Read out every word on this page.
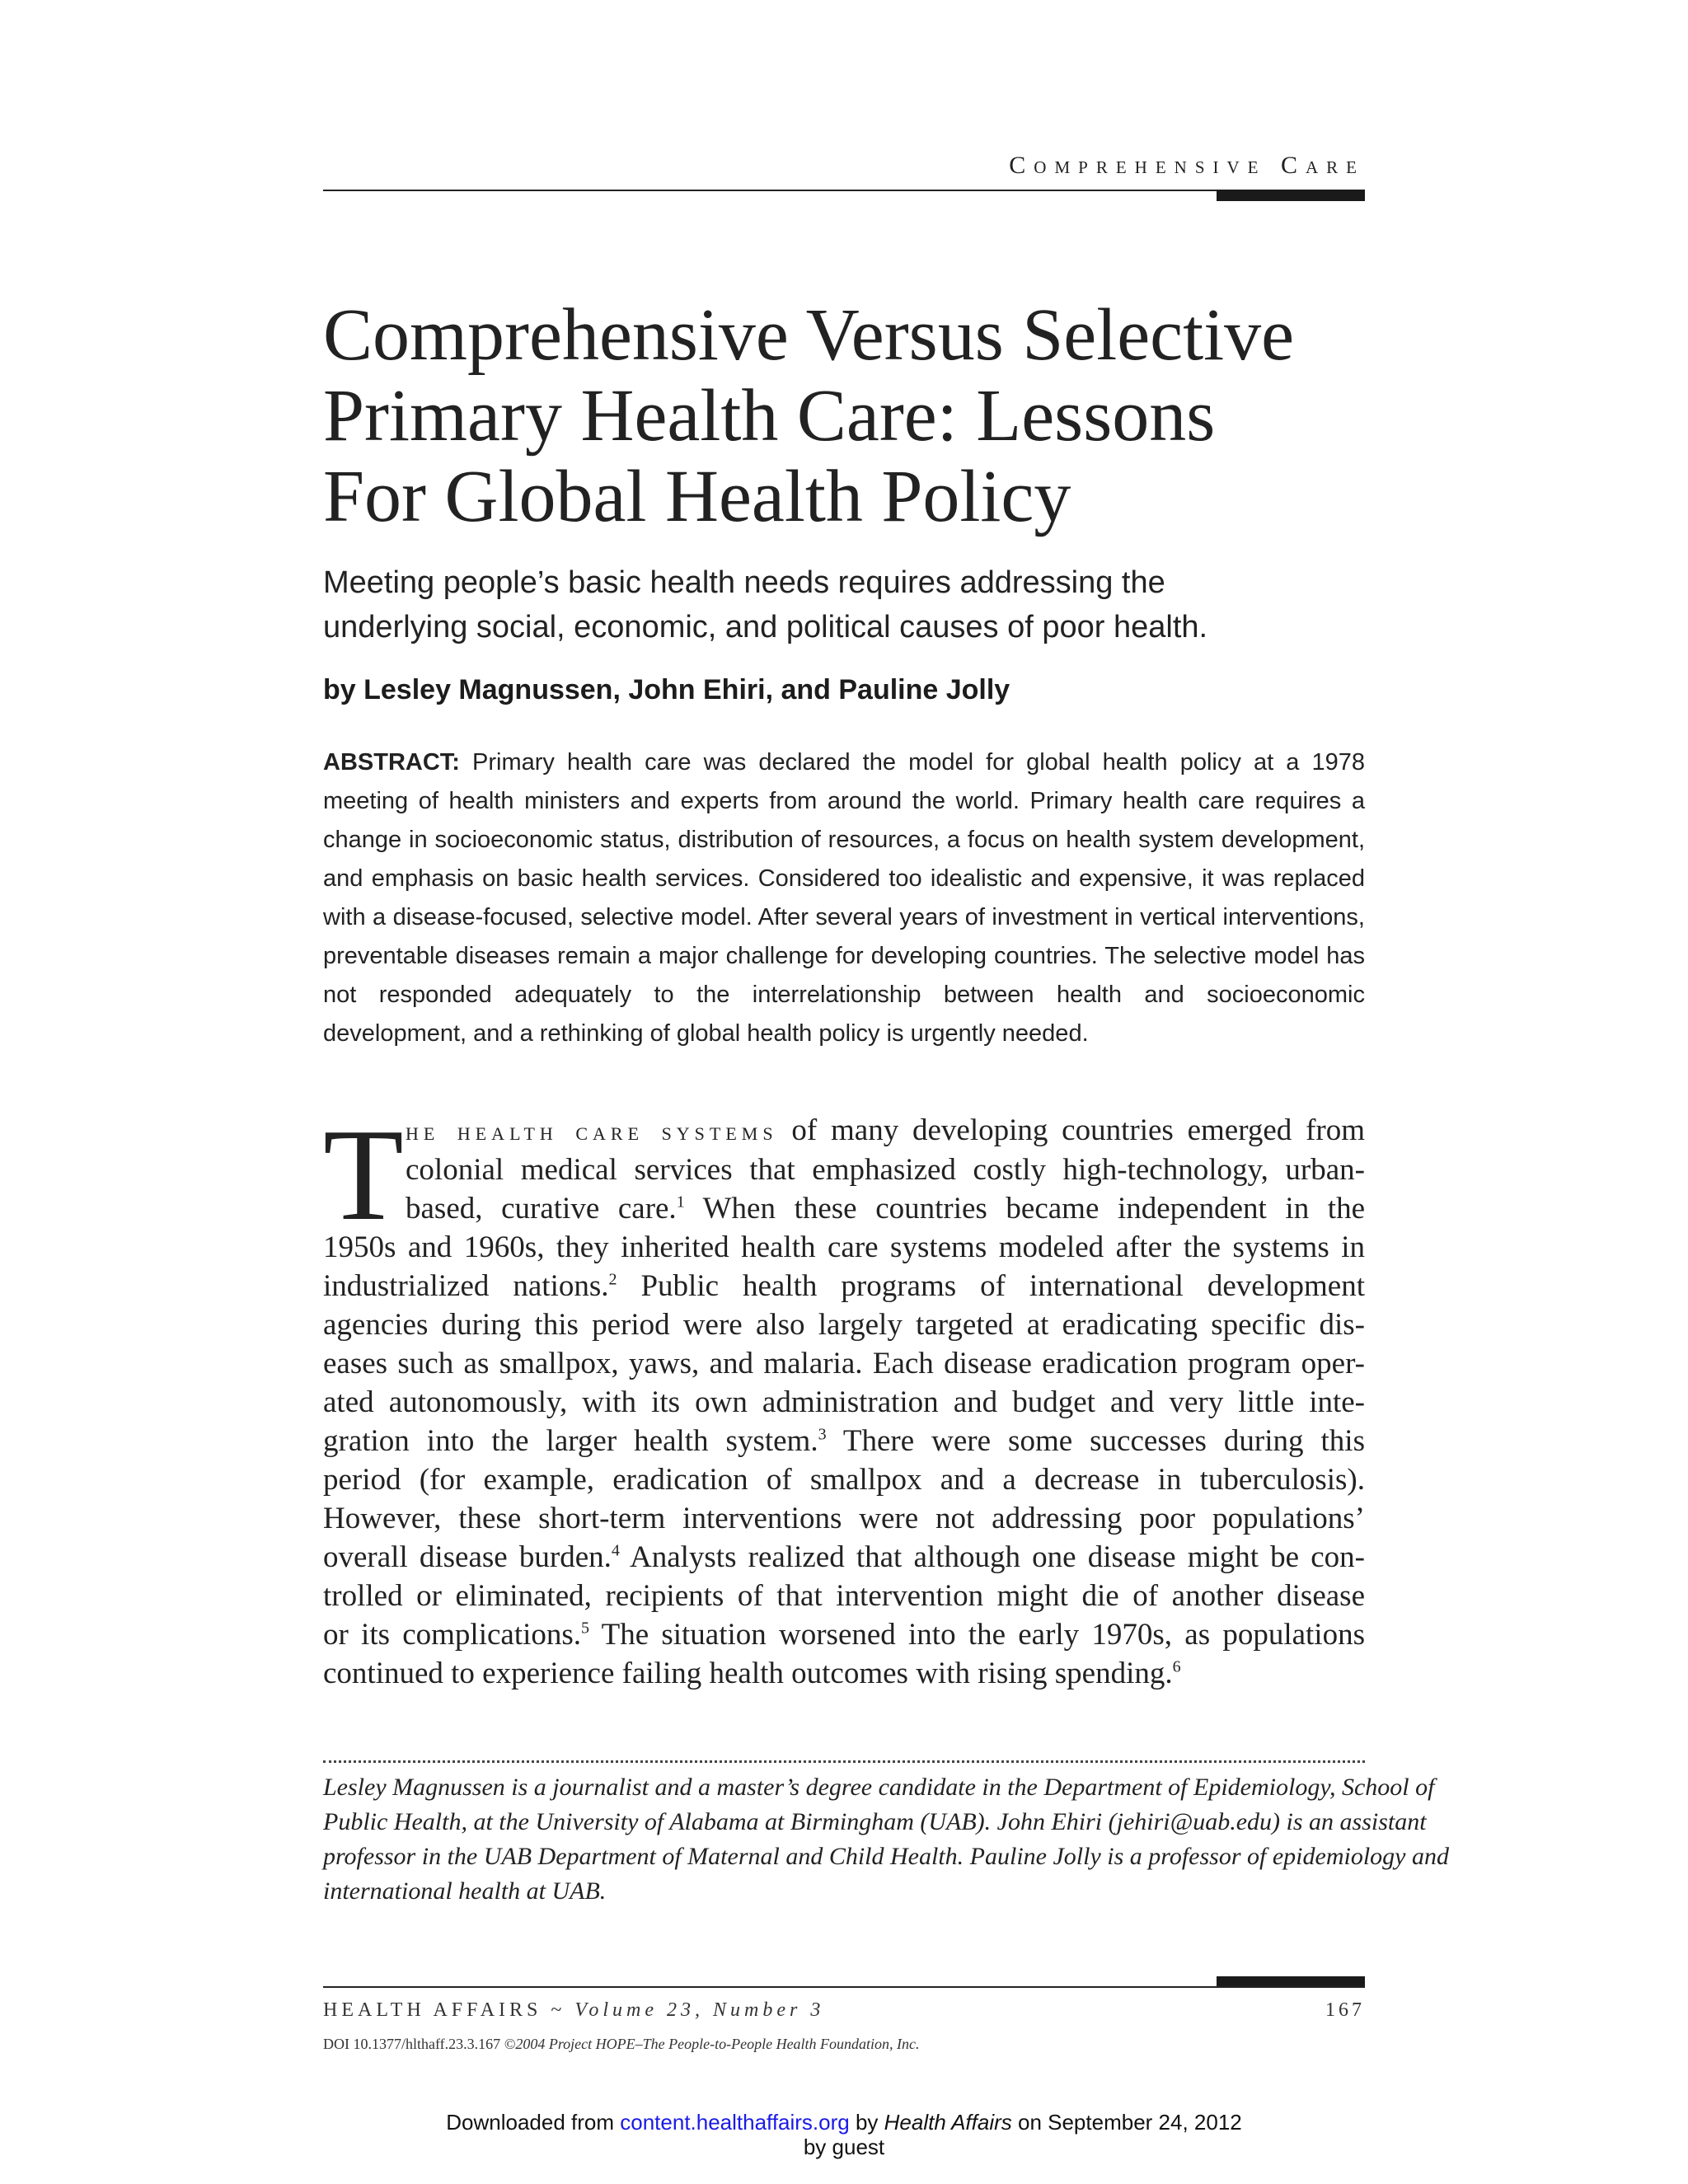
Comprehensive Care
Comprehensive Versus Selective
Primary Health Care: Lessons
For Global Health Policy
Meeting people’s basic health needs requires addressing the
underlying social, economic, and political causes of poor health.
by Lesley Magnussen, John Ehiri, and Pauline Jolly
ABSTRACT: Primary health care was declared the model for global health policy at a 1978 meeting of health ministers and experts from around the world. Primary health care requires a change in socioeconomic status, distribution of resources, a focus on health system development, and emphasis on basic health services. Considered too idealistic and expensive, it was replaced with a disease-focused, selective model. After several years of investment in vertical interventions, preventable diseases remain a major challenge for developing countries. The selective model has not responded adequately to the interrelationship between health and socioeconomic development, and a rethinking of global health policy is urgently needed.
T he health care systems of many developing countries emerged from
colonial medical services that emphasized costly high-technology, urban-
based, curative care.$^1$ When these countries became independent in the
1950s and 1960s, they inherited health care systems modeled after the systems in
industrialized nations.$^2$ Public health programs of international development
agencies during this period were also largely targeted at eradicating specific dis-
eases such as smallpox, yaws, and malaria. Each disease eradication program oper-
ated autonomously, with its own administration and budget and very little inte-
gration into the larger health system.$^3$ There were some successes during this
period (for example, eradication of smallpox and a decrease in tuberculosis).
However, these short-term interventions were not addressing poor populations’
overall disease burden.$^4$ Analysts realized that although one disease might be con-
trolled or eliminated, recipients of that intervention might die of another disease
or its complications.$^5$ The situation worsened into the early 1970s, as populations
continued to experience failing health outcomes with rising spending.$^6$
Lesley Magnussen is a journalist and a master’s degree candidate in the Department of Epidemiology, School of
Public Health, at the University of Alabama at Birmingham (UAB). John Ehiri (jehiri@uab.edu) is an assistant
professor in the UAB Department of Maternal and Child Health. Pauline Jolly is a professor of epidemiology and
international health at UAB.
HEALTH AFFAIRS ~ Volume 23, Number 3	167
DOI 10.1377/hlthaff.23.3.167 ©2004 Project HOPE–The People-to-People Health Foundation, Inc.
Downloaded from content.healthaffairs.org by Health Affairs on September 24, 2012
by guest
